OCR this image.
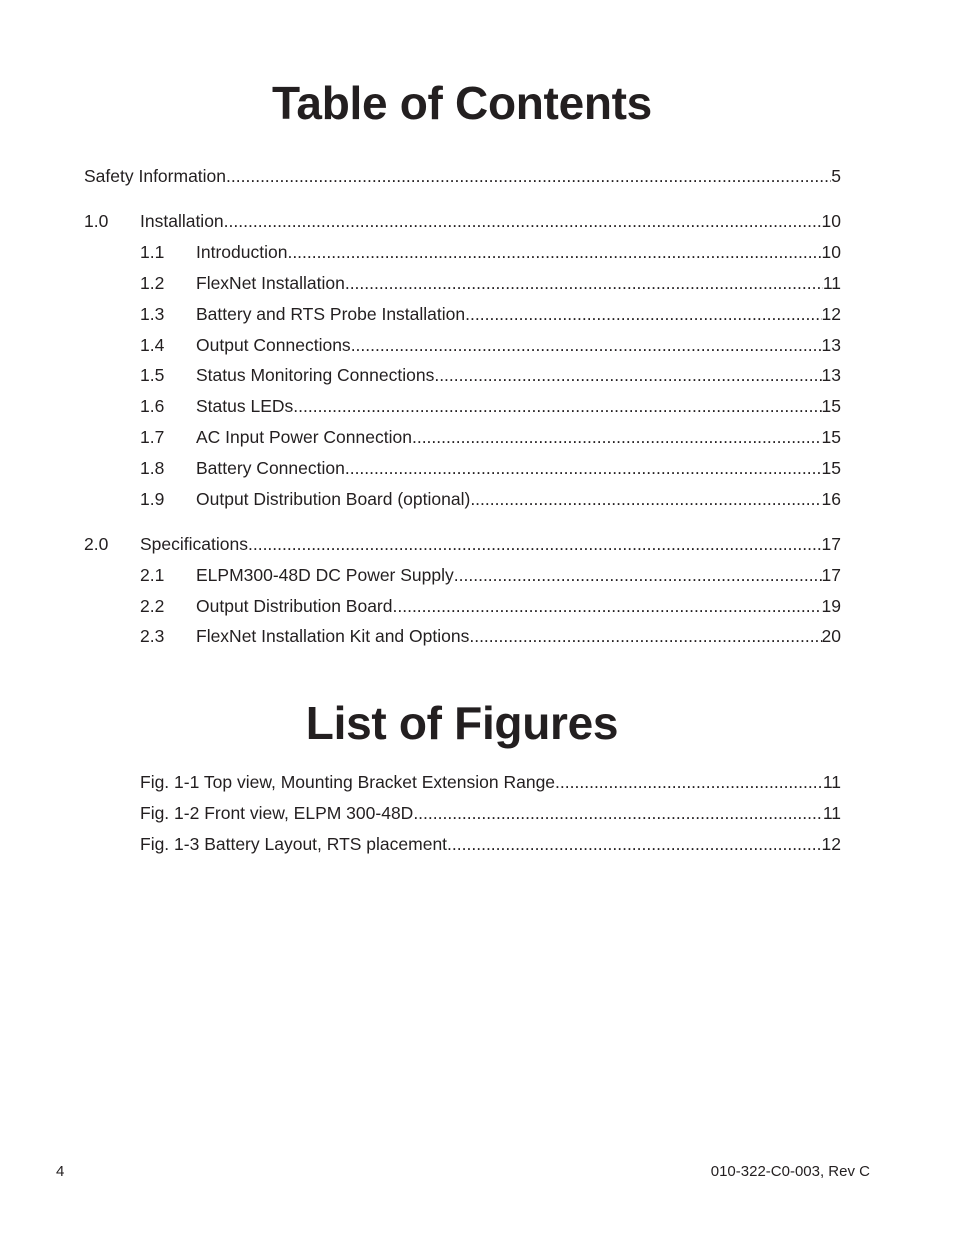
Table of Contents
Safety Information .....	5
1.0 Installation .....	10
1.1 Introduction .....	10
1.2 FlexNet Installation .....	11
1.3 Battery and RTS Probe Installation .....	12
1.4 Output Connections .....	13
1.5 Status Monitoring Connections .....	13
1.6 Status LEDs .....	15
1.7 AC Input Power Connection .....	15
1.8 Battery Connection .....	15
1.9 Output Distribution Board (optional) .....	16
2.0 Specifications .....	17
2.1 ELPM300-48D DC Power Supply .....	17
2.2 Output Distribution Board .....	19
2.3 FlexNet Installation Kit and Options .....	20
List of Figures
Fig. 1-1 Top view, Mounting Bracket Extension Range .....	11
Fig. 1-2 Front view, ELPM 300-48D .....	11
Fig. 1-3 Battery Layout, RTS placement .....	12
4	010-322-C0-003, Rev C
